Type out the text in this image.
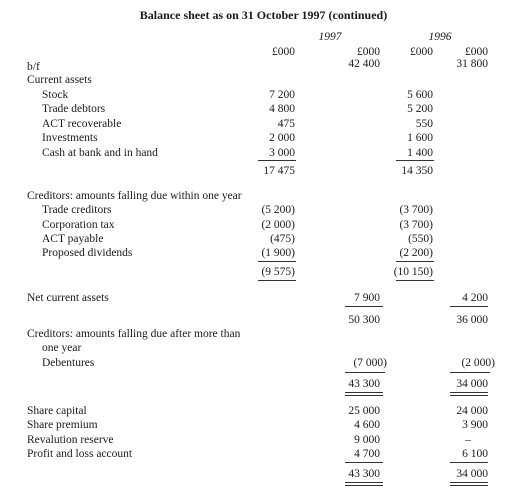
Balance sheet as on 31 October 1997 (continued)
1997	1996
£000	£000	£000	£000
b/f	42 400	31 800
Current assets
Stock	7 200	5 600
Trade debtors	4 800	5 200
ACT recoverable	475	550
Investments	2 000	1 600
Cash at bank and in hand	3 000	1 400
17 475	14 350
Creditors: amounts falling due within one year
Trade creditors	(5 200)	(3 700)
Corporation tax	(2 000)	(3 700)
ACT payable	(475)	(550)
Proposed dividends	(1 900)	(2 200)
(9 575)	(10 150)
Net current assets	7 900	4 200
50 300	36 000
Creditors: amounts falling due after more than
one year
Debentures	(7 000)	(2 000)
43 300	34 000
Share capital	25 000	24 000
Share premium	4 600	3 900
Revalution reserve	9 000	–
Profit and loss account	4 700	6 100
43 300	34 000
